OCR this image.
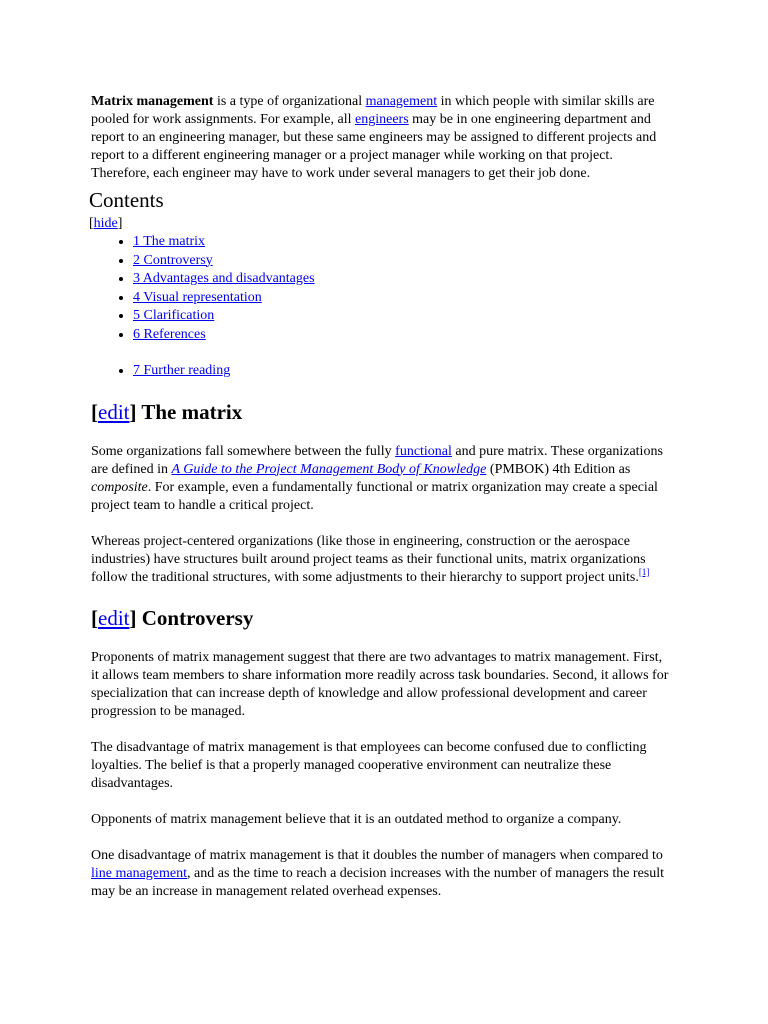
Matrix management is a type of organizational management in which people with similar skills are pooled for work assignments. For example, all engineers may be in one engineering department and report to an engineering manager, but these same engineers may be assigned to different projects and report to a different engineering manager or a project manager while working on that project. Therefore, each engineer may have to work under several managers to get their job done.

Contents
[hide]
• 1 The matrix
• 2 Controversy
• 3 Advantages and disadvantages
• 4 Visual representation
• 5 Clarification
• 6 References
• 7 Further reading
[edit] The matrix

Some organizations fall somewhere between the fully functional and pure matrix. These organizations are defined in A Guide to the Project Management Body of Knowledge (PMBOK) 4th Edition as composite. For example, even a fundamentally functional or matrix organization may create a special project team to handle a critical project.

Whereas project-centered organizations (like those in engineering, construction or the aerospace industries) have structures built around project teams as their functional units, matrix organizations follow the traditional structures, with some adjustments to their hierarchy to support project units.[1]

[edit] Controversy

Proponents of matrix management suggest that there are two advantages to matrix management. First, it allows team members to share information more readily across task boundaries. Second, it allows for specialization that can increase depth of knowledge and allow professional development and career progression to be managed.

The disadvantage of matrix management is that employees can become confused due to conflicting loyalties. The belief is that a properly managed cooperative environment can neutralize these disadvantages.

Opponents of matrix management believe that it is an outdated method to organize a company.

One disadvantage of matrix management is that it doubles the number of managers when compared to line management, and as the time to reach a decision increases with the number of managers the result may be an increase in management related overhead expenses.
